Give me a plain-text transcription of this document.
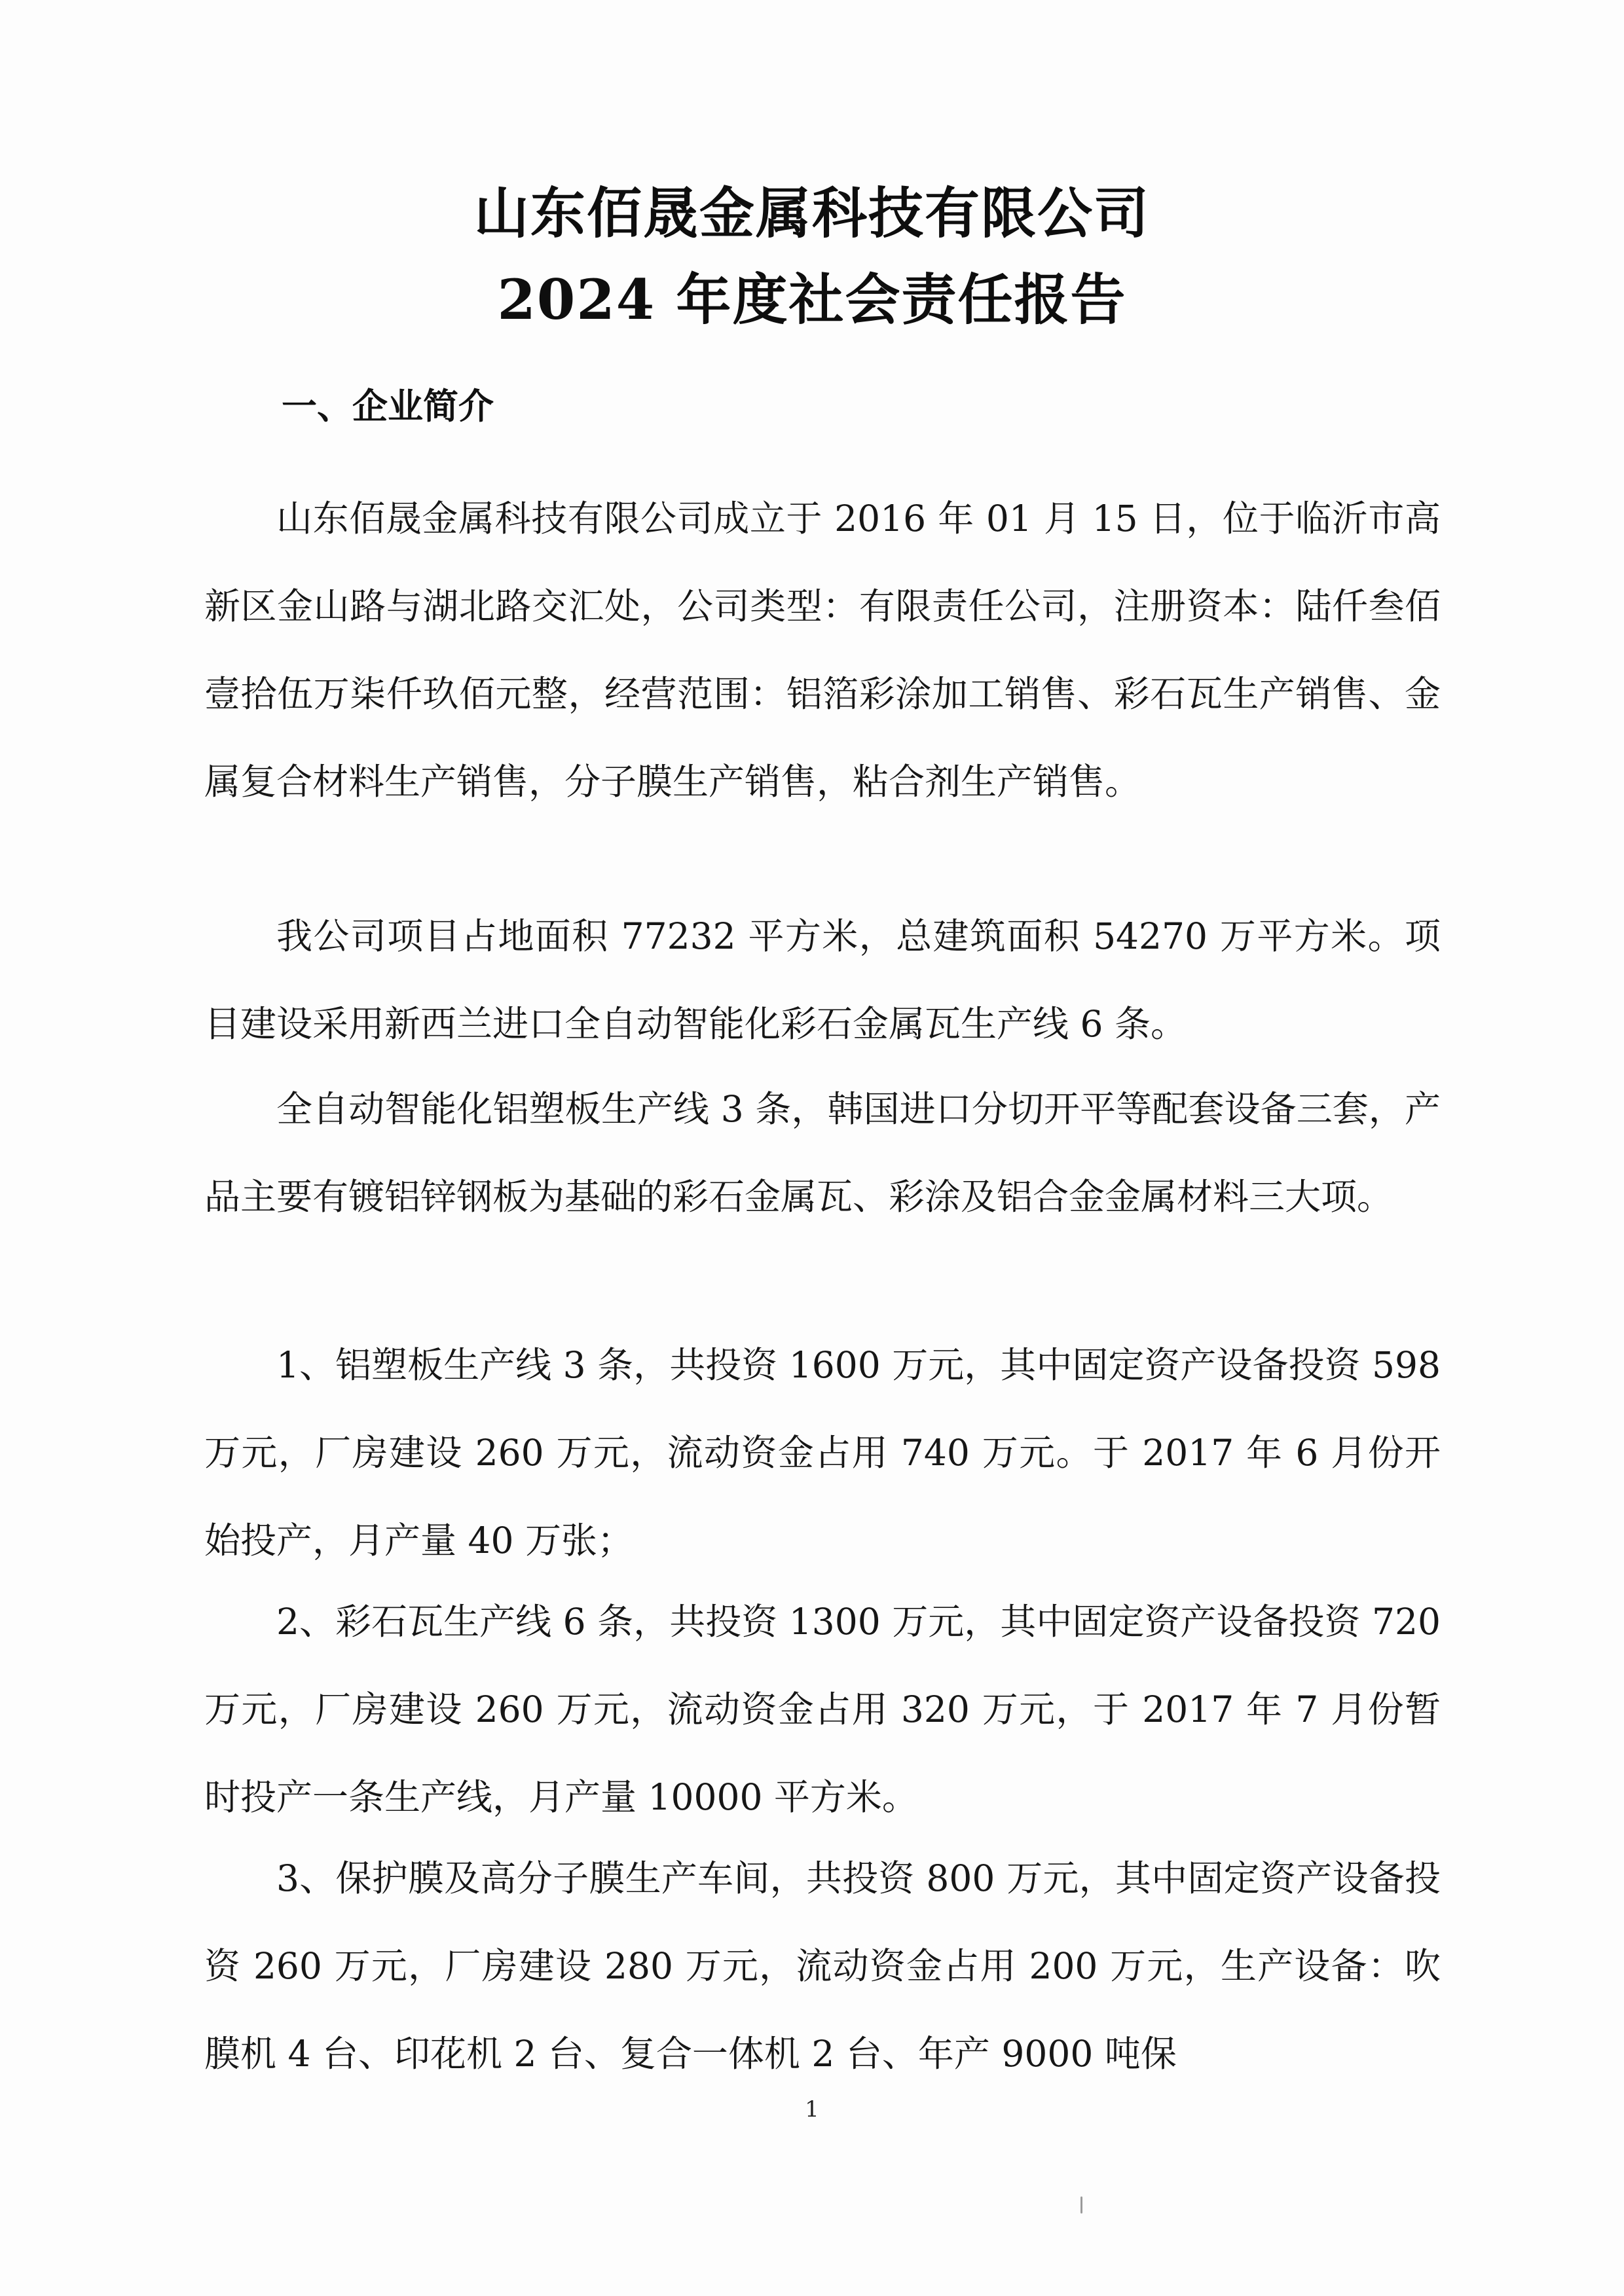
山东佰晟金属科技有限公司
2024 年度社会责任报告
一、企业简介
山东佰晟金属科技有限公司成立于 2016 年 01 月 15 日，位于临沂市高新区金山路与湖北路交汇处，公司类型：有限责任公司，注册资本：陆仟叁佰壹拾伍万柒仟玖佰元整，经营范围：铝箔彩涂加工销售、彩石瓦生产销售、金属复合材料生产销售，分子膜生产销售，粘合剂生产销售。
我公司项目占地面积 77232 平方米，总建筑面积 54270 万平方米。项目建设采用新西兰进口全自动智能化彩石金属瓦生产线 6 条。
全自动智能化铝塑板生产线 3 条，韩国进口分切开平等配套设备三套，产品主要有镀铝锌钢板为基础的彩石金属瓦、彩涂及铝合金金属材料三大项。
1、铝塑板生产线 3 条，共投资 1600 万元，其中固定资产设备投资 598 万元，厂房建设 260 万元，流动资金占用 740 万元。于 2017 年 6 月份开始投产，月产量 40 万张；
2、彩石瓦生产线 6 条，共投资 1300 万元，其中固定资产设备投资 720 万元，厂房建设 260 万元，流动资金占用 320 万元，于 2017 年 7 月份暂时投产一条生产线，月产量 10000 平方米。
3、保护膜及高分子膜生产车间，共投资 800 万元，其中固定资产设备投资 260 万元，厂房建设 280 万元，流动资金占用 200 万元，生产设备：吹膜机 4 台、印花机 2 台、复合一体机 2 台、年产 9000 吨保
1
